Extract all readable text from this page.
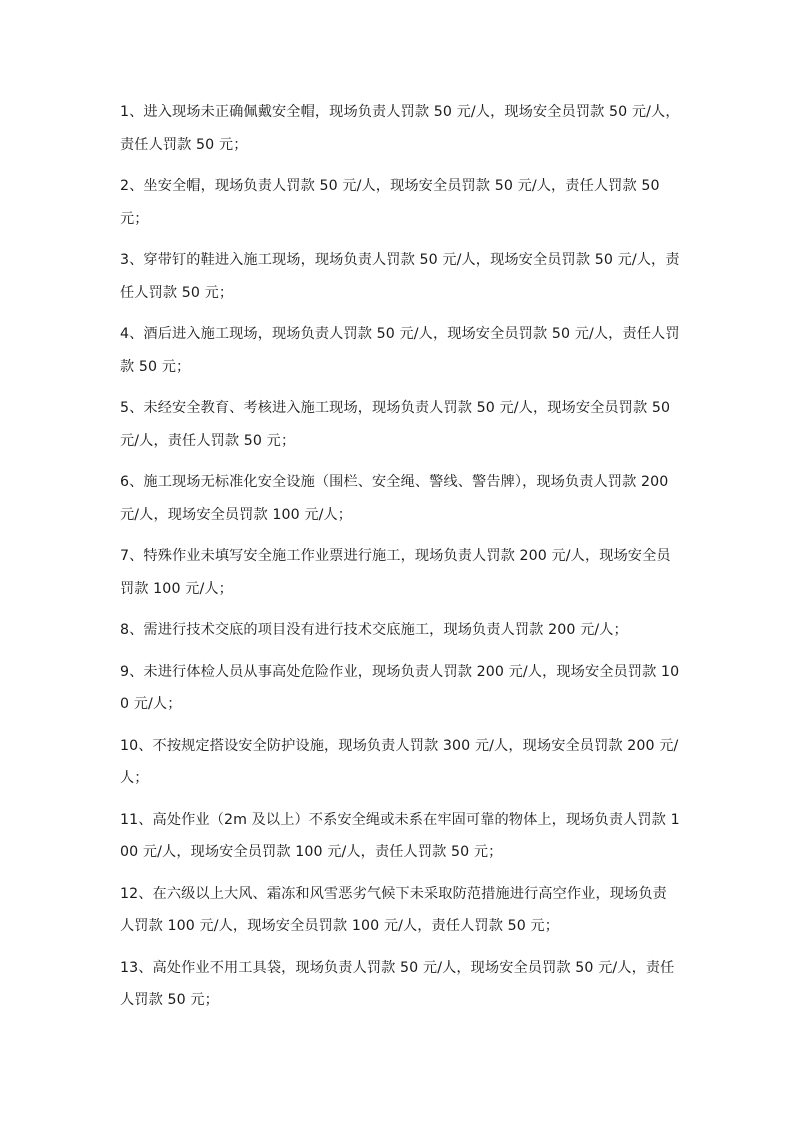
1、进入现场未正确佩戴安全帽，现场负责人罚款 50 元/人，现场安全员罚款 50 元/人，责任人罚款 50 元；

2、坐安全帽，现场负责人罚款 50 元/人，现场安全员罚款 50 元/人，责任人罚款 50 元；

3、穿带钉的鞋进入施工现场，现场负责人罚款 50 元/人，现场安全员罚款 50 元/人，责任人罚款 50 元；

4、酒后进入施工现场，现场负责人罚款 50 元/人，现场安全员罚款 50 元/人，责任人罚款 50 元；

5、未经安全教育、考核进入施工现场，现场负责人罚款 50 元/人，现场安全员罚款 50 元/人，责任人罚款 50 元；

6、施工现场无标准化安全设施（围栏、安全绳、警线、警告牌），现场负责人罚款 200 元/人，现场安全员罚款 100 元/人；

7、特殊作业未填写安全施工作业票进行施工，现场负责人罚款 200 元/人，现场安全员罚款 100 元/人；

8、需进行技术交底的项目没有进行技术交底施工，现场负责人罚款 200 元/人；

9、未进行体检人员从事高处危险作业，现场负责人罚款 200 元/人，现场安全员罚款 100 元/人；

10、不按规定搭设安全防护设施，现场负责人罚款 300 元/人，现场安全员罚款 200 元/人；

11、高处作业（2m 及以上）不系安全绳或未系在牢固可靠的物体上，现场负责人罚款 100 元/人，现场安全员罚款 100 元/人，责任人罚款 50 元；

12、在六级以上大风、霜冻和风雪恶劣气候下未采取防范措施进行高空作业，现场负责人罚款 100 元/人，现场安全员罚款 100 元/人，责任人罚款 50 元；

13、高处作业不用工具袋，现场负责人罚款 50 元/人，现场安全员罚款 50 元/人，责任人罚款 50 元；
